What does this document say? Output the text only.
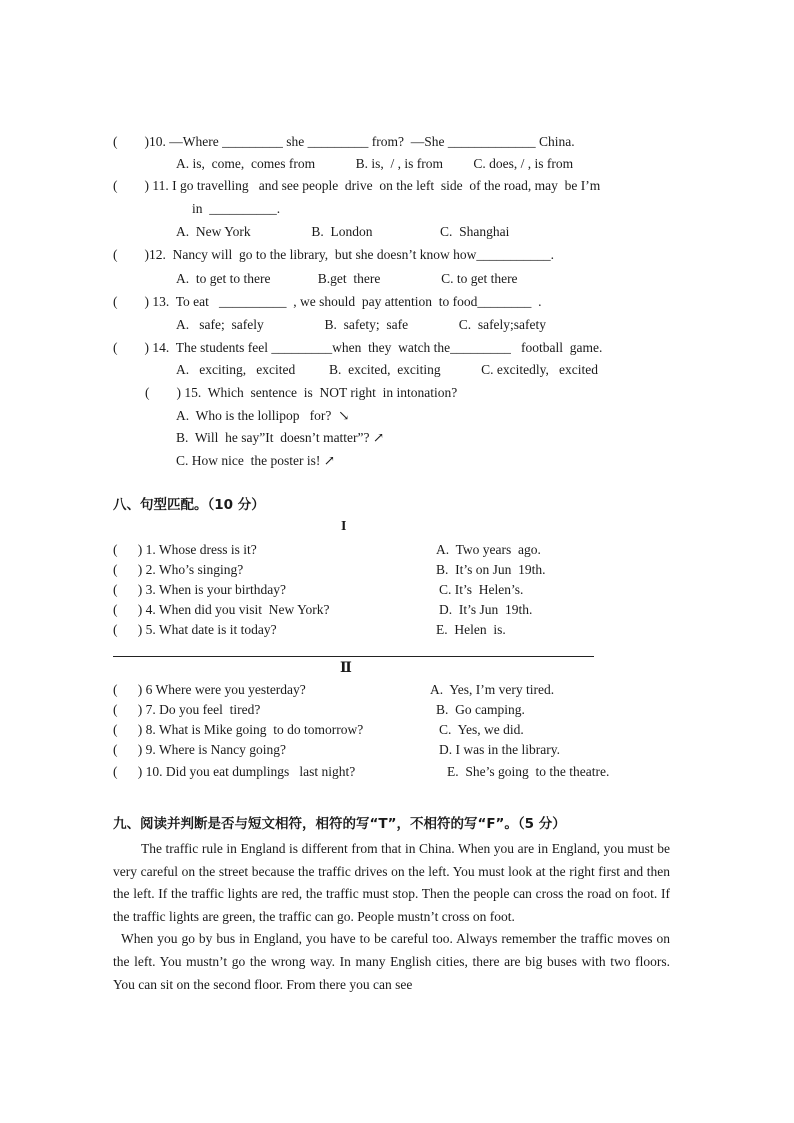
(        )10. —Where _________ she _________ from?  —She _____________ China.
A. is,  come,  comes from            B. is,  / , is from         C. does, / , is from
(        ) 11. I go travelling   and see people  drive  on the left  side  of the road, may  be I’m
in  __________.
A.  New York                  B.  London                    C.  Shanghai
(        )12.  Nancy will  go to the library,  but she doesn’t know how___________.
A.  to get to there              B.get  there                  C. to get there
(        ) 13.  To eat   __________  , we should  pay attention  to food________  .
A.   safe;  safely                  B.  safety;  safe               C.  safely;safety
(        ) 14.  The students feel _________when  they  watch the_________   football  game.
A.   exciting,   excited          B.  excited,  exciting            C. excitedly,   excited
(        ) 15.  Which  sentence  is  NOT right  in intonation?
A.  Who is the lollipop   for?  ↘
B.  Will  he say”It  doesn’t matter”? ↗
C. How nice  the poster is! ↗
八、句型匹配。（10 分）
I
(      ) 1. Whose dress is it?	A.  Two years  ago.
(      ) 2. Who’s singing?	B.  It’s on Jun  19th.
(      ) 3. When is your birthday?	C. It’s  Helen’s.
(      ) 4. When did you visit  New York?	D.  It’s Jun  19th.
(      ) 5. What date is it today?	E.  Helen  is.
Ⅱ
(      ) 6 Where were you yesterday?	A.  Yes, I’m very tired.
(      ) 7. Do you feel  tired?	B.  Go camping.
(      ) 8. What is Mike going  to do tomorrow?	C.  Yes, we did.
(      ) 9. Where is Nancy going?	D. I was in the library.
(      ) 10. Did you eat dumplings   last night?	E.  She’s going  to the theatre.
九、阅读并判断是否与短文相符，相符的写“T”，不相符的写“F”。（5 分）

The traffic rule in England is different from that in China. When you are in England, you must be very careful on the street because the traffic drives on the left. You must look at the right first and then the left. If the traffic lights are red, the traffic must stop. Then the people can cross the road on foot. If the traffic lights are green, the traffic can go. People mustn’t cross on foot.

When you go by bus in England, you have to be careful too. Always remember the traffic moves on the left. You mustn’t go the wrong way. In many English cities, there are big buses with two floors. You can sit on the second floor. From there you can see
